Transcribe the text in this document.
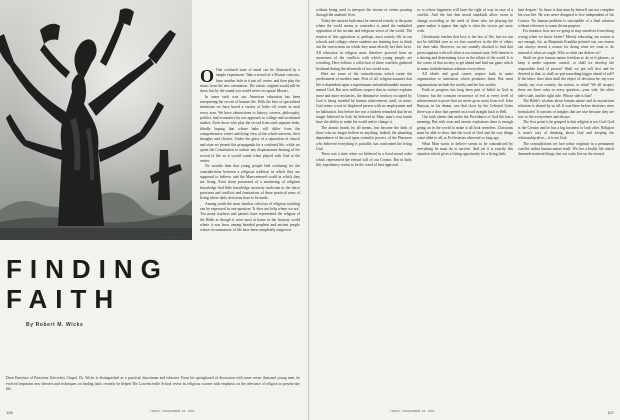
GEORGE SCHROEDER
FINDING
FAITH
By Robert M. Wicks
Dean Emeritus of Princeton University Chapel, Dr. Wicks is distinguished as a practical churchman and educator. From his springboard of discussion with some seven thousand young men, he evolved important new theories and techniques on finding faith; recently he helped The Lawrenceville School revise its religious courses with emphasis on the relevance of religion to present-day life.

O One confused state of mind can be illustrated by a simple experiment. Take a record of a Mozart concerto, have another hole in it put off center, and then play the music from the new orientation. The classic original would still be there, but by the sound you would never recognize Mozart.

In some such way our American education has been interpreting the record of human life. With the best of specialized intentions we have bored a variety of holes off center in each every area. We have obstructions to history, science, philosophy, politics, and economics by our approach to college and vocational studies. Even those who play the record from such separate hubs, blindly hoping that whose hubs will differ from the comprehensive center satisfying view of the whole universe, their thoughts and choices. Under the guise of a separation of church and state we permit this propaganda for a confused life, while we quote the Constitution to outlaw any dispassionate hearing of the record of life as it would sound when played with God at the center.

No wonder then that young people find confusing for the contradictions between a religious tradition in which they are supposed to believe, and the Man-centered world in which they are living. Even those possessed of a smattering of religious knowledge find little knowledge curiously irrelevant to the fierce pressures and conflicts and frustrations of these practical areas of living where daily decisions have to be made.

Among youth the most familiar criticism of religious teaching can be expressed in one question: 'It does not help where we are.' Too many teachers and parents have represented the religion of the Bible as though it were most at home in the faraway world where it was born, among bearded prophets and ancient people whose circumstances of life have been completely outgrown.

106	TODAY, NOVEMBER 10, 1951

without being used to interpret the stream of events pouring through the students' lives.

Today the ancient faith must be renewed exactly at the point where the world seems to contradict it, amid the embattled opposition of the secular and religious views of the world. The tension of this opposition is, perhaps, most acutely felt in our schools and colleges where students are learning how to think out the convictions on which they must directly bet their lives. All education in religion must therefore proceed from an awareness of the conflicts with which young people are wrestling. Here follows a collection of these conflicts gathered firsthand during the aftermath of two world wars.

Here are some of the contradictions which create the predicament of modern man: First of all, religion assumes that life is dependent upon a superhuman and unfathomable mystery named God. But now millions suspect that as science explains more and more mysteries, the diminutive territory occupied by God is being invaded by human achievement, until, in sense, God seems a sort of displaced person with no employment and no habitation. Just before the war a student remarked that he no longer believed in God; he believed in Man; man's own hands have the ability to make his world and to change it.

The atomic bomb, by all means, has become the faith of those who no longer believe in anything. Indeed, the plumbing dependence of the soul upon scientific powers, of the Pharisees who believed everything is possible, has confronted the living God.

There was a time when we believed in a fixed moral order which represented the eternal will of our Creator. But in daily life, expediency seems to be the creed of best approval.

so to whose happiness will have the right of way in case of a conflict. And the fact that moral standards allow room to change according to the need of those who are playing the game makes it appear that right is what the victors get away with.

Christianity teaches that love is the law of life, but we can not be fulfilled save as we lose ourselves in the life of others for their sake. However, we are soundly shocked to find that preoccupation with self often is our natural state. Self-interest is a driving and determining force in the affairs of the world. It is the center of that society to get ahead and find our gains which in many bedside human relations everywhere.

All ideals and good causes require faith in some organization or institution which promotes them. But most organizations include the worthy and the less worthy.

Faith in progress has long been part of belief in God as Creator; but the constant recurrence of evil at every level of advancement to prove that we never grow away from evil. John Bunyan, in his dream, saw that close by the Celestial Gates there was a door that opened on a road straight back to Hell.

Our faith claims that under the Providence of God life has a meaning. But with wars and atomic explosions there is enough going on in the world to make it all look senseless. Christians must be able to show that the word of God and the way things come alike to all, as Ecclesiastes observed so long ago.

What Man wants to believe seems to be contradicted by everything he must do to survive. And yet it is exactly this situation which gives a fitting opportunity for a living faith.

hate despair.' So those is that man by himself can not complete his own life. He was never designed to live independent of his Creator. No human problem is susceptible of a final solution without reference to some divine purpose.

For instance, how are we going to stop ourselves from doing wrong when we know better? Merely educating our reason is not enough, for, as Benjamin Franklin pointed out, our reason can always invent a reason for doing what we want to do instead of what we ought. Who or what can deliver us?

Shall we give human nature freedom to do as it pleases, or keep it under supreme control, or shall we develop the responsible kind of person? Shall we put self first and be devoted to that, or shall we put something bigger ahead of self? If the latter, then what shall the object of devotion be: my own family, my own country, the nation, or what? We all suspect there are three rules to every question—your side, the other side's side, and the right side. Whose side is that?

The Bible's wisdom about human nature and its mysterious relations is shared by us all. It was there before doctrines were formulated. It consists of insights that are true because they are true to life everywhere and always.

The first point to be grasped is that religion is not God. God is the Creator and he has a big business to look after. Religion is man's way of thinking about God and keeping the relationship alive—it is not God.

The contradictions we face today originate in a permanent conflict within human nature itself. We live a bodily life which demands material things, but our souls live on the eternal.

TODAY, NOVEMBER 10, 1951	107
